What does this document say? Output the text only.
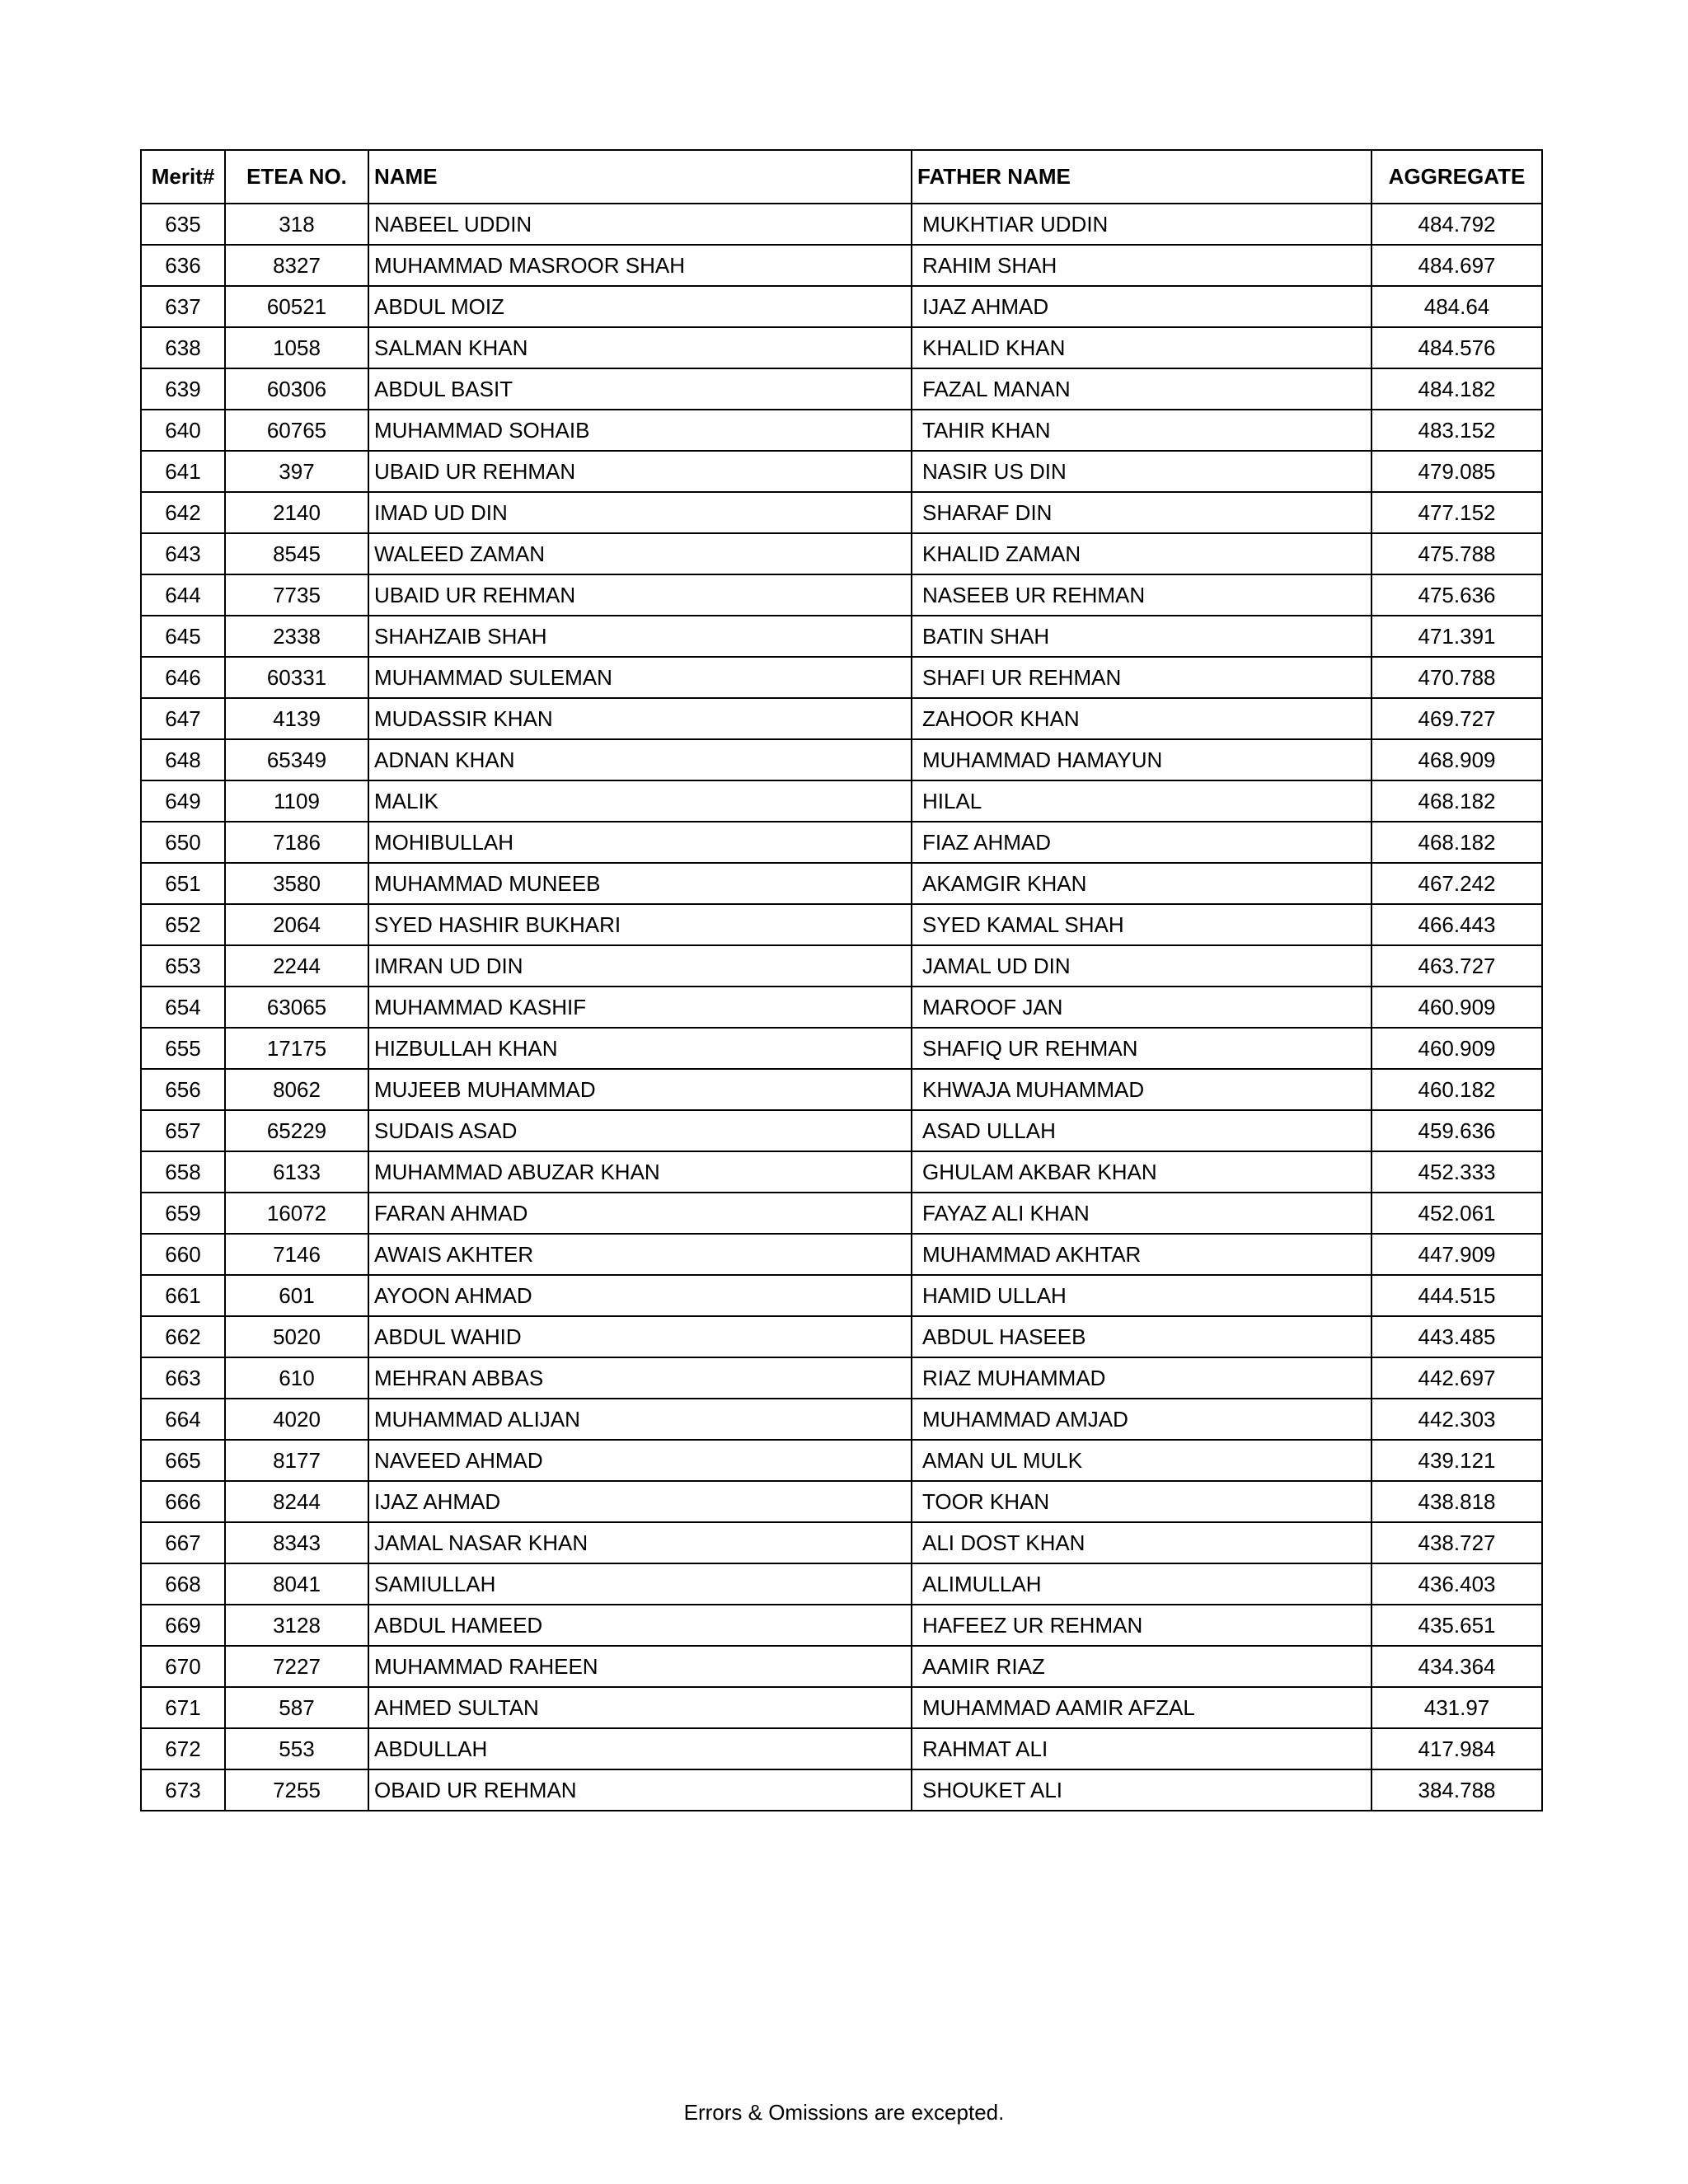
Merit#	ETEA NO.	NAME	FATHER NAME	AGGREGATE
635	318	NABEEL UDDIN	MUKHTIAR UDDIN	484.792
636	8327	MUHAMMAD MASROOR SHAH	RAHIM SHAH	484.697
637	60521	ABDUL MOIZ	IJAZ AHMAD	484.64
638	1058	SALMAN KHAN	KHALID KHAN	484.576
639	60306	ABDUL BASIT	FAZAL MANAN	484.182
640	60765	MUHAMMAD SOHAIB	TAHIR KHAN	483.152
641	397	UBAID UR REHMAN	NASIR US DIN	479.085
642	2140	IMAD UD DIN	SHARAF DIN	477.152
643	8545	WALEED ZAMAN	KHALID ZAMAN	475.788
644	7735	UBAID UR REHMAN	NASEEB UR REHMAN	475.636
645	2338	SHAHZAIB SHAH	BATIN SHAH	471.391
646	60331	MUHAMMAD SULEMAN	SHAFI UR REHMAN	470.788
647	4139	MUDASSIR KHAN	ZAHOOR KHAN	469.727
648	65349	ADNAN KHAN	MUHAMMAD HAMAYUN	468.909
649	1109	MALIK	HILAL	468.182
650	7186	MOHIBULLAH	FIAZ AHMAD	468.182
651	3580	MUHAMMAD MUNEEB	AKAMGIR KHAN	467.242
652	2064	SYED HASHIR BUKHARI	SYED KAMAL SHAH	466.443
653	2244	IMRAN UD DIN	JAMAL UD DIN	463.727
654	63065	MUHAMMAD KASHIF	MAROOF JAN	460.909
655	17175	HIZBULLAH KHAN	SHAFIQ UR REHMAN	460.909
656	8062	MUJEEB MUHAMMAD	KHWAJA MUHAMMAD	460.182
657	65229	SUDAIS ASAD	ASAD ULLAH	459.636
658	6133	MUHAMMAD ABUZAR KHAN	GHULAM AKBAR KHAN	452.333
659	16072	FARAN AHMAD	FAYAZ ALI KHAN	452.061
660	7146	AWAIS AKHTER	MUHAMMAD AKHTAR	447.909
661	601	AYOON AHMAD	HAMID ULLAH	444.515
662	5020	ABDUL WAHID	ABDUL HASEEB	443.485
663	610	MEHRAN ABBAS	RIAZ MUHAMMAD	442.697
664	4020	MUHAMMAD ALIJAN	MUHAMMAD AMJAD	442.303
665	8177	NAVEED AHMAD	AMAN UL MULK	439.121
666	8244	IJAZ AHMAD	TOOR KHAN	438.818
667	8343	JAMAL NASAR KHAN	ALI DOST KHAN	438.727
668	8041	SAMIULLAH	ALIMULLAH	436.403
669	3128	ABDUL HAMEED	HAFEEZ UR REHMAN	435.651
670	7227	MUHAMMAD RAHEEN	AAMIR RIAZ	434.364
671	587	AHMED SULTAN	MUHAMMAD AAMIR AFZAL	431.97
672	553	ABDULLAH	RAHMAT ALI	417.984
673	7255	OBAID UR REHMAN	SHOUKET ALI	384.788
Errors & Omissions are excepted.
